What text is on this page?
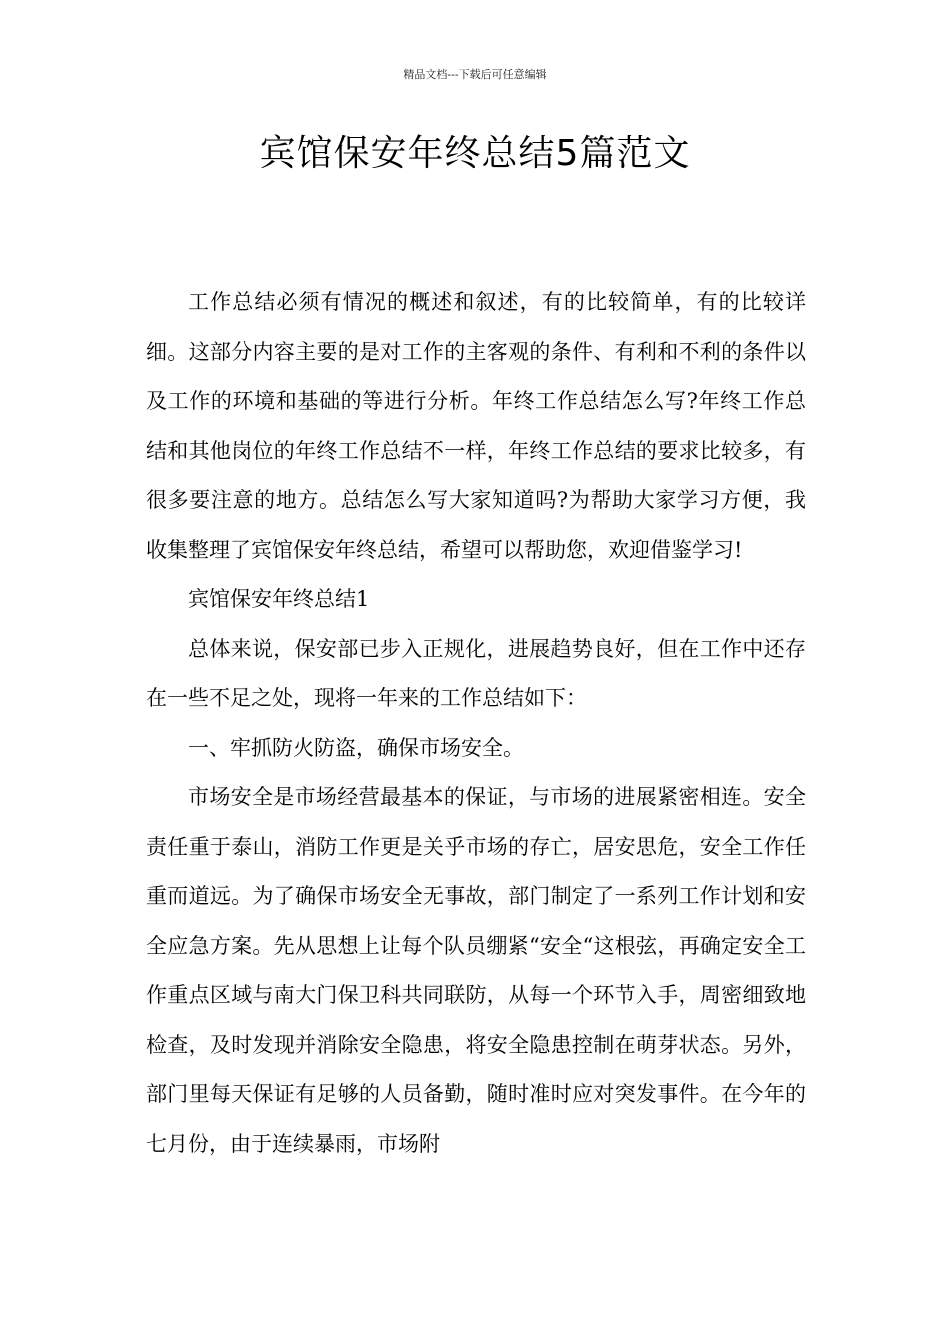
精品文档---下载后可任意编辑
宾馆保安年终总结5篇范文

工作总结必须有情况的概述和叙述，有的比较简单，有的比较详细。这部分内容主要的是对工作的主客观的条件、有利和不利的条件以及工作的环境和基础的等进行分析。年终工作总结怎么写?年终工作总结和其他岗位的年终工作总结不一样，年终工作总结的要求比较多，有很多要注意的地方。总结怎么写大家知道吗?为帮助大家学习方便，我收集整理了宾馆保安年终总结，希望可以帮助您，欢迎借鉴学习!

宾馆保安年终总结1

总体来说，保安部已步入正规化，进展趋势良好，但在工作中还存在一些不足之处，现将一年来的工作总结如下：

一、牢抓防火防盗，确保市场安全。

市场安全是市场经营最基本的保证，与市场的进展紧密相连。安全责任重于泰山，消防工作更是关乎市场的存亡，居安思危，安全工作任重而道远。为了确保市场安全无事故，部门制定了一系列工作计划和安全应急方案。先从思想上让每个队员绷紧“安全“这根弦，再确定安全工作重点区域与南大门保卫科共同联防，从每一个环节入手，周密细致地检查，及时发现并消除安全隐患，将安全隐患控制在萌芽状态。另外，部门里每天保证有足够的人员备勤，随时准时应对突发事件。在今年的七月份，由于连续暴雨，市场附
